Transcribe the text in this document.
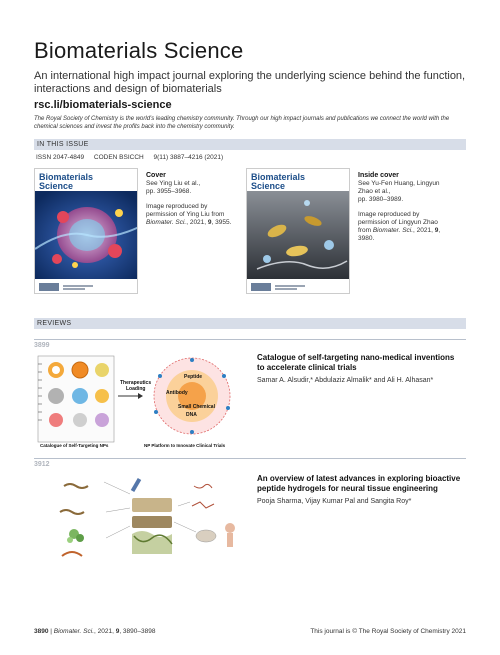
Biomaterials Science
An international high impact journal exploring the underlying science behind the function, interactions and design of biomaterials
rsc.li/biomaterials-science
The Royal Society of Chemistry is the world's leading chemistry community. Through our high impact journals and publications we connect the world with the chemical sciences and invest the profits back into the chemistry community.
IN THIS ISSUE
ISSN 2047-4849 CODEN BSICCH 9(11) 3887–4216 (2021)
Biomaterials
Science
Cover
See Ying Liu et al.,
pp. 3955–3968.
Image reproduced by permission of Ying Liu from Biomater. Sci., 2021, 9, 3955.
Biomaterials
Science
Inside cover
See Yu-Fen Huang, Lingyun Zhao et al.,
pp. 3980–3989.
Image reproduced by permission of Lingyun Zhao from Biomater. Sci., 2021, 9, 3980.
REVIEWS
3899
Therapeutics
Loading
Peptide
Antibody
Small Chemical
DNA
Catalogue of Self-Targeting NPs	NP Platform to Innovate Clinical Trials
Catalogue of self-targeting nano-medical inventions to accelerate clinical trials
Samar A. Alsudir,* Abdulaziz Almalik* and Ali H. Alhasan*
3912
An overview of latest advances in exploring bioactive peptide hydrogels for neural tissue engineering
Pooja Sharma, Vijay Kumar Pal and Sangita Roy*
3890 | Biomater. Sci., 2021, 9, 3890–3898	This journal is © The Royal Society of Chemistry 2021
